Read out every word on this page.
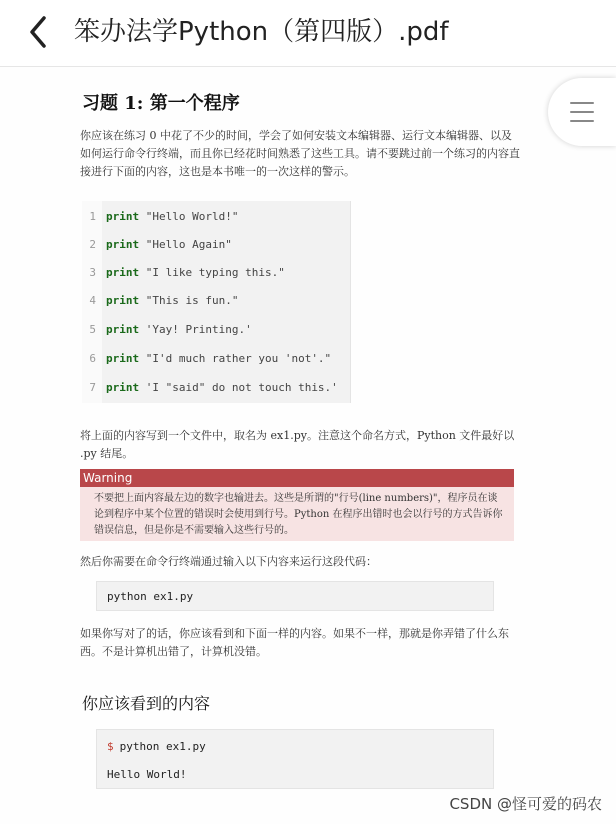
笨办法学Python（第四版）.pdf
习题 1: 第一个程序
你应该在练习 0 中花了不少的时间，学会了如何安装文本编辑器、运行文本编辑器、以及如何运行命令行终端，而且你已经花时间熟悉了这些工具。请不要跳过前一个练习的内容直接进行下面的内容，这也是本书唯一的一次这样的警示。
1 print "Hello World!"
2 print "Hello Again"
3 print "I like typing this."
4 print "This is fun."
5 print 'Yay! Printing.'
6 print "I'd much rather you 'not'."
7 print 'I "said" do not touch this.'
将上面的内容写到一个文件中，取名为 ex1.py。注意这个命名方式，Python 文件最好以 .py 结尾。
Warning
不要把上面内容最左边的数字也输进去。这些是所谓的"行号(line numbers)"，程序员在谈论到程序中某个位置的错误时会使用到行号。Python 在程序出错时也会以行号的方式告诉你错误信息，但是你是不需要输入这些行号的。
然后你需要在命令行终端通过输入以下内容来运行这段代码：
python ex1.py
如果你写对了的话，你应该看到和下面一样的内容。如果不一样，那就是你弄错了什么东西。不是计算机出错了，计算机没错。
你应该看到的内容
$ python ex1.py
Hello World!
CSDN @怪可爱的码农
